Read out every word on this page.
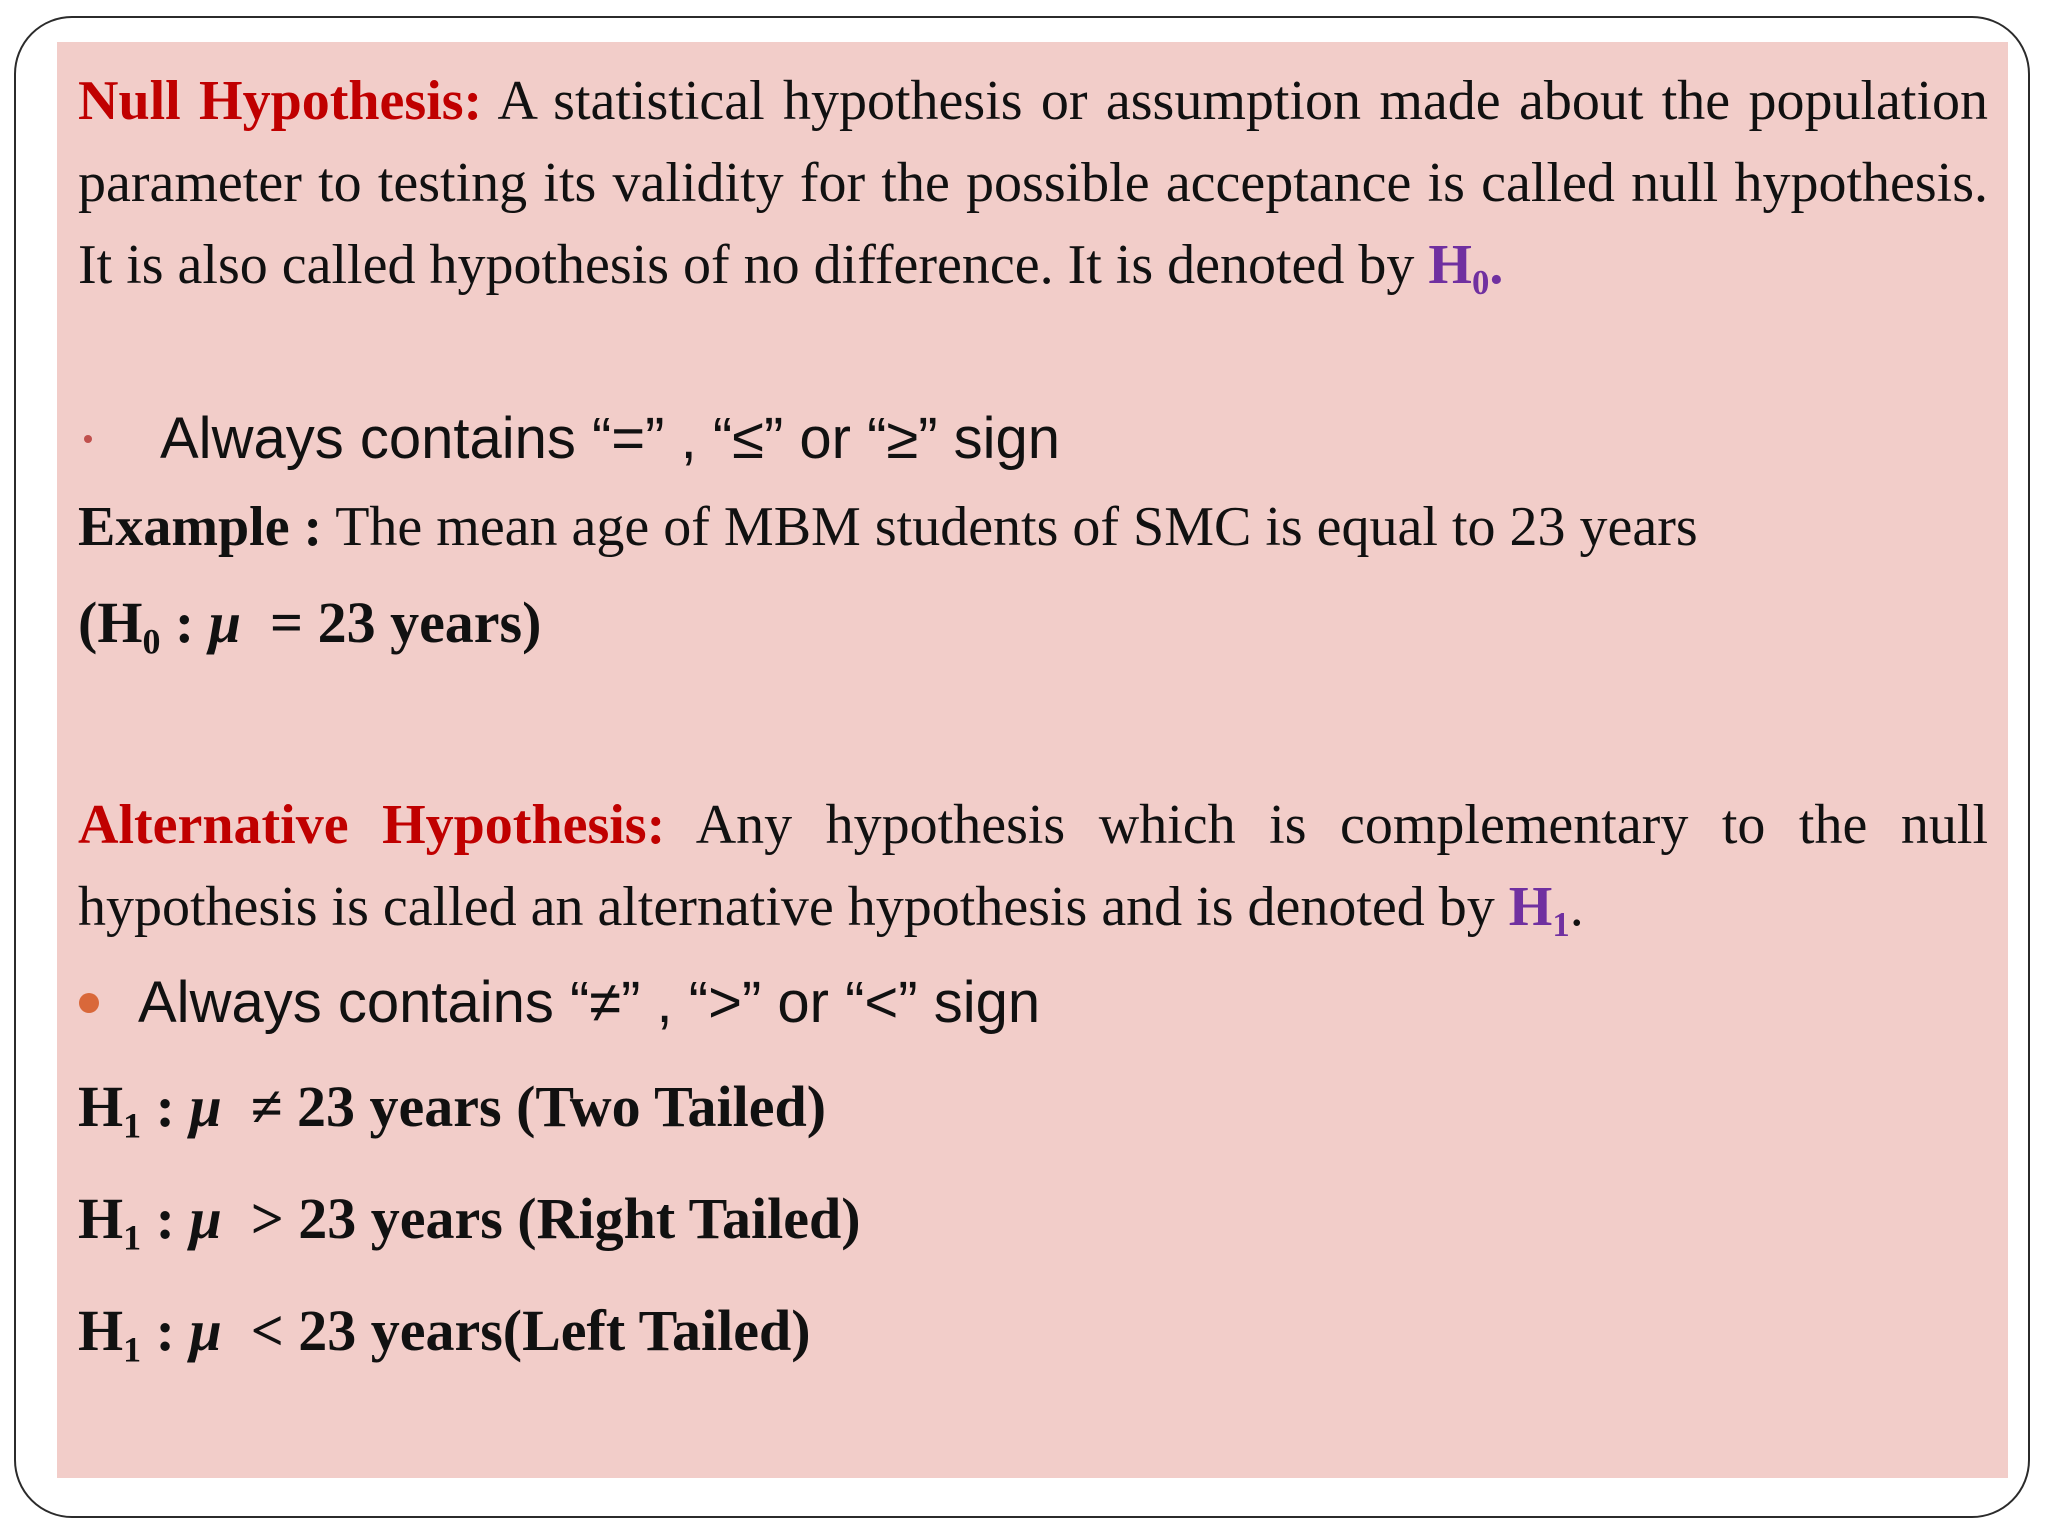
Null Hypothesis: A statistical hypothesis or assumption made about the population parameter to testing its validity for the possible acceptance is called null hypothesis. It is also called hypothesis of no difference. It is denoted by $H_0$.

Always contains “=” , “≤” or “≥” sign

Example : The mean age of MBM students of SMC is equal to 23 years

($H_0$ : μ  = 23 years)

Alternative Hypothesis: Any hypothesis which is complementary to the null hypothesis is called an alternative hypothesis and is denoted by $H_1$.

Always contains “≠” , “>” or “<” sign

$H_1$ : μ  ≠ 23 years (Two Tailed)

$H_1$ : μ  > 23 years (Right Tailed)

$H_1$ : μ  < 23 years(Left Tailed)
